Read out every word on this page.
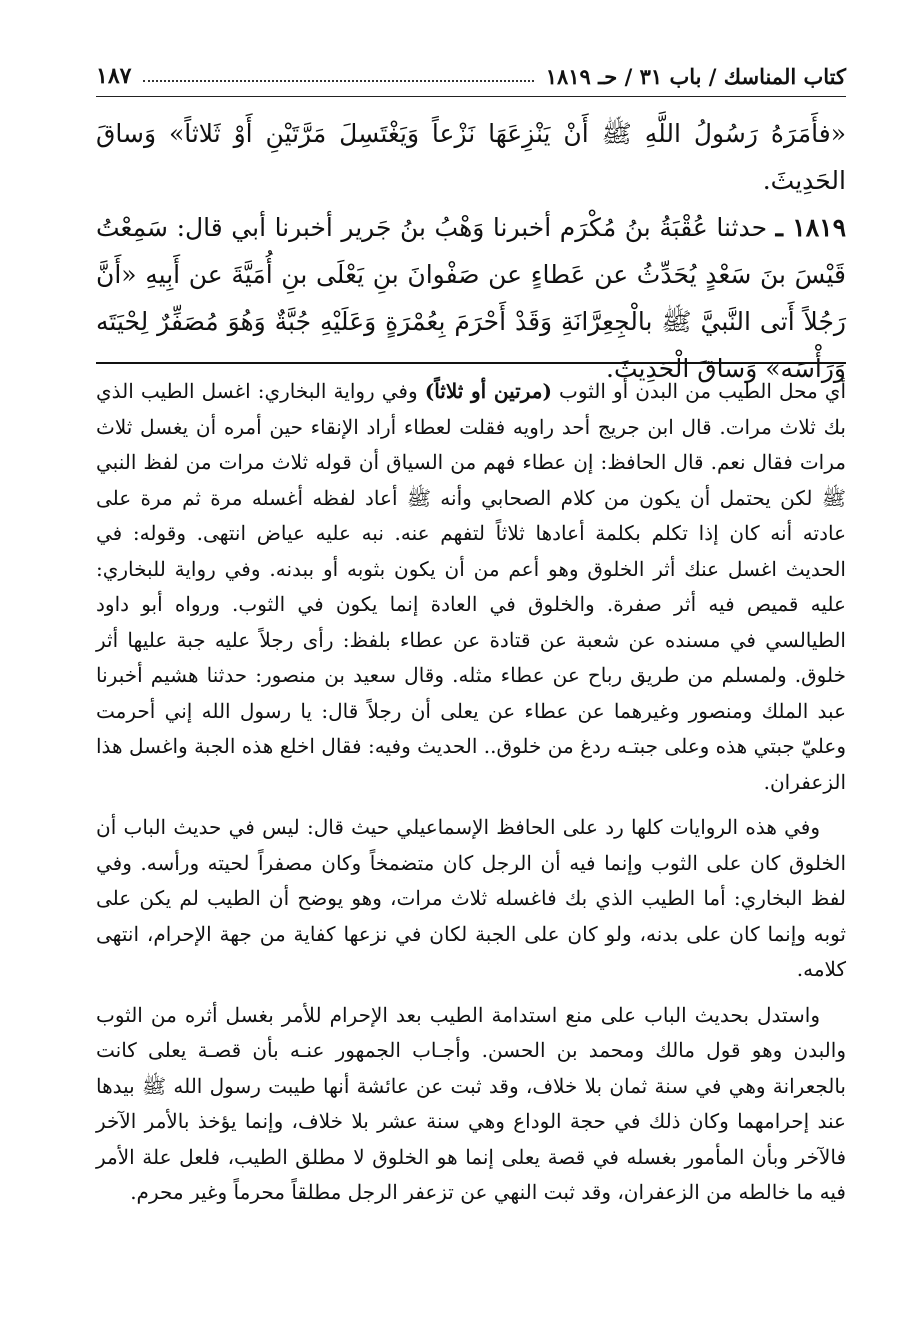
كتاب المناسك / باب ٣١ / حـ ١٨١٩
١٨٧

«فأَمَرَهُ رَسُولُ اللَّهِ ﷺ أَنْ يَنْزِعَهَا نَزْعاً وَيَغْتَسِلَ مَرَّتَيْنِ أَوْ ثَلاثاً» وَساقَ الحَدِيثَ.

١٨١٩ ـ حدثنا عُقْبَةُ بنُ مُكْرَم أخبرنا وَهْبُ بنُ جَرير أخبرنا أبي قال: سَمِعْتُ قَيْسَ بنَ سَعْدٍ يُحَدِّثُ عن عَطاءٍ عن صَفْوانَ بنِ يَعْلَى بنِ أُمَيَّةَ عن أَبِيهِ «أَنَّ رَجُلاً أَتى النَّبيَّ ﷺ بالْجِعِرَّانَةِ وَقَدْ أَحْرَمَ بِعُمْرَةٍ وَعَلَيْهِ جُبَّةٌ وَهُوَ مُصَفِّرٌ لِحْيَتَه وَرَأْسَه» وَساقَ الْحَدِيثَ.

أي محل الطيب من البدن أو الثوب (مرتين أو ثلاثاً) وفي رواية البخاري: اغسل الطيب الذي بك ثلاث مرات. قال ابن جريج أحد راويه فقلت لعطاء أراد الإنقاء حين أمره أن يغسل ثلاث مرات فقال نعم. قال الحافظ: إن عطاء فهم من السياق أن قوله ثلاث مرات من لفظ النبي ﷺ لكن يحتمل أن يكون من كلام الصحابي وأنه ﷺ أعاد لفظه أغسله مرة ثم مرة على عادته أنه كان إذا تكلم بكلمة أعادها ثلاثاً لتفهم عنه. نبه عليه عياض انتهى. وقوله: في الحديث اغسل عنك أثر الخلوق وهو أعم من أن يكون بثوبه أو ببدنه. وفي رواية للبخاري: عليه قميص فيه أثر صفرة. والخلوق في العادة إنما يكون في الثوب. ورواه أبو داود الطيالسي في مسنده عن شعبة عن قتادة عن عطاء بلفظ: رأى رجلاً عليه جبة عليها أثر خلوق. ولمسلم من طريق رباح عن عطاء مثله. وقال سعيد بن منصور: حدثنا هشيم أخبرنا عبد الملك ومنصور وغيرهما عن عطاء عن يعلى أن رجلاً قال: يا رسول الله إني أحرمت وعليّ جبتي هذه وعلى جبتـه ردغ من خلوق.. الحديث وفيه: فقال اخلع هذه الجبة واغسل هذا الزعفران.

وفي هذه الروايات كلها رد على الحافظ الإسماعيلي حيث قال: ليس في حديث الباب أن الخلوق كان على الثوب وإنما فيه أن الرجل كان متضمخاً وكان مصفراً لحيته ورأسه. وفي لفظ البخاري: أما الطيب الذي بك فاغسله ثلاث مرات، وهو يوضح أن الطيب لم يكن على ثوبه وإنما كان على بدنه، ولو كان على الجبة لكان في نزعها كفاية من جهة الإحرام، انتهى كلامه.

واستدل بحديث الباب على منع استدامة الطيب بعد الإحرام للأمر بغسل أثره من الثوب والبدن وهو قول مالك ومحمد بن الحسن. وأجـاب الجمهور عنـه بأن قصـة يعلى كانت بالجعرانة وهي في سنة ثمان بلا خلاف، وقد ثبت عن عائشة أنها طيبت رسول الله ﷺ بيدها عند إحرامهما وكان ذلك في حجة الوداع وهي سنة عشر بلا خلاف، وإنما يؤخذ بالأمر الآخر فالآخر وبأن المأمور بغسله في قصة يعلى إنما هو الخلوق لا مطلق الطيب، فلعل علة الأمر فيه ما خالطه من الزعفران، وقد ثبت النهي عن تزعفر الرجل مطلقاً محرماً وغير محرم.
